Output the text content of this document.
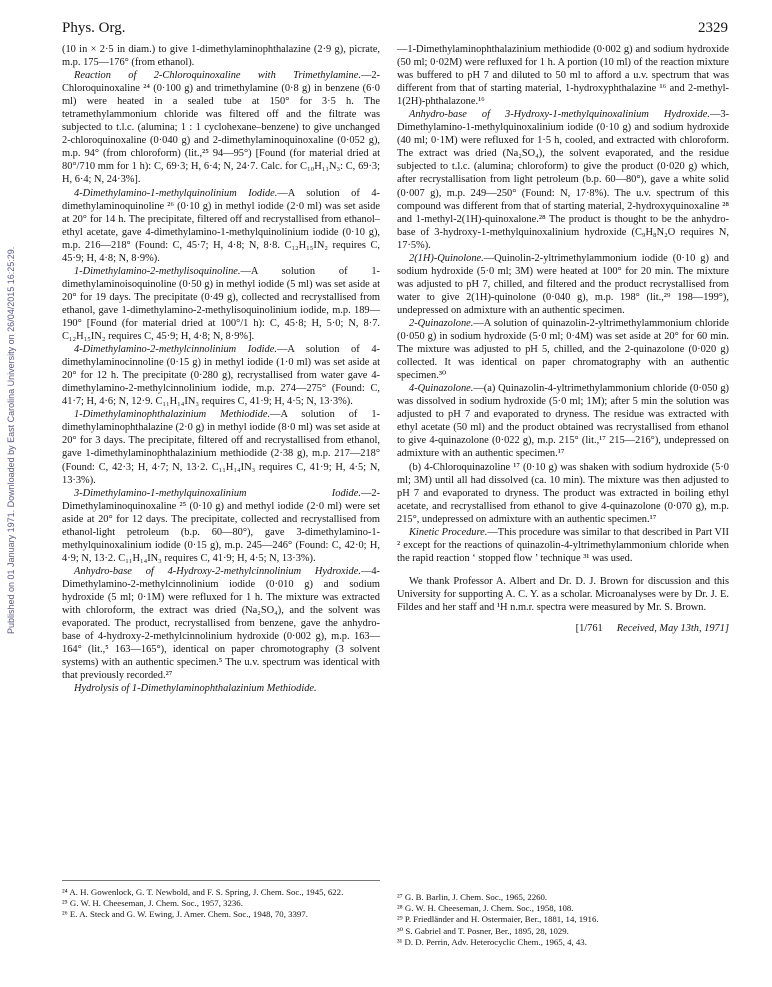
Phys. Org.	2329
Published on 01 January 1971. Downloaded by East Carolina University on 26/04/2015 16:25:29.

(10 in × 2·5 in diam.) to give 1-dimethylaminophthalazine (2·9 g), picrate, m.p. 175—176° (from ethanol).

Reaction of 2-Chloroquinoxaline with Trimethylamine.—2-Chloroquinoxaline ²⁴ (0·100 g) and trimethylamine (0·8 g) in benzene (6·0 ml) were heated in a sealed tube at 150° for 3·5 h. The tetramethylammonium chloride was filtered off and the filtrate was subjected to t.l.c. (alumina; 1 : 1 cyclohexane–benzene) to give unchanged 2-chloroquinoxaline (0·040 g) and 2-dimethylaminoquinoxaline (0·052 g), m.p. 94° (from chloroform) (lit.,²⁵ 94—95°) [Found (for material dried at 80°/710 mm for 1 h): C, 69·3; H, 6·4; N, 24·7. Calc. for C₁₀H₁₁N₃: C, 69·3; H, 6·4; N, 24·3%].

4-Dimethylamino-1-methylquinolinium Iodide.—A solution of 4-dimethylaminoquinoline ²⁶ (0·10 g) in methyl iodide (2·0 ml) was set aside at 20° for 14 h. The precipitate, filtered off and recrystallised from ethanol–ethyl acetate, gave 4-dimethylamino-1-methylquinolinium iodide (0·10 g), m.p. 216—218° (Found: C, 45·7; H, 4·8; N, 8·8. C₁₂H₁₅IN₂ requires C, 45·9; H, 4·8; N, 8·9%).

1-Dimethylamino-2-methylisoquinoline.—A solution of 1-dimethylaminoisoquinoline (0·50 g) in methyl iodide (5 ml) was set aside at 20° for 19 days. The precipitate (0·49 g), collected and recrystallised from ethanol, gave 1-dimethylamino-2-methylisoquinolinium iodide, m.p. 189—190° [Found (for material dried at 100°/1 h): C, 45·8; H, 5·0; N, 8·7. C₁₂H₁₅IN₂ requires C, 45·9; H, 4·8; N, 8·9%].

4-Dimethylamino-2-methylcinnolinium Iodide.—A solution of 4-dimethylaminocinnoline (0·15 g) in methyl iodide (1·0 ml) was set aside at 20° for 12 h. The precipitate (0·280 g), recrystallised from water gave 4-dimethylamino-2-methylcinnolinium iodide, m.p. 274—275° (Found: C, 41·7; H, 4·6; N, 12·9. C₁₁H₁₄IN₃ requires C, 41·9; H, 4·5; N, 13·3%).

1-Dimethylaminophthalazinium Methiodide.—A solution of 1-dimethylaminophthalazine (2·0 g) in methyl iodide (8·0 ml) was set aside at 20° for 3 days. The precipitate, filtered off and recrystallised from ethanol, gave 1-dimethylaminophthalazinium methiodide (2·38 g), m.p. 217—218° (Found: C, 42·3; H, 4·7; N, 13·2. C₁₁H₁₄IN₃ requires C, 41·9; H, 4·5; N, 13·3%).

3-Dimethylamino-1-methylquinoxalinium Iodide.—2-Dimethylaminoquinoxaline ²⁵ (0·10 g) and methyl iodide (2·0 ml) were set aside at 20° for 12 days. The precipitate, collected and recrystallised from ethanol-light petroleum (b.p. 60—80°), gave 3-dimethylamino-1-methylquinoxalinium iodide (0·15 g), m.p. 245—246° (Found: C, 42·0; H, 4·9; N, 13·2. C₁₁H₁₄IN₃ requires C, 41·9; H, 4·5; N, 13·3%).

Anhydro-base of 4-Hydroxy-2-methylcinnolinium Hydroxide.—4-Dimethylamino-2-methylcinnolinium iodide (0·010 g) and sodium hydroxide (5 ml; 0·1M) were refluxed for 1 h. The mixture was extracted with chloroform, the extract was dried (Na₂SO₄), and the solvent was evaporated. The product, recrystallised from benzene, gave the anhydro-base of 4-hydroxy-2-methylcinnolinium hydroxide (0·002 g), m.p. 163—164° (lit.,⁵ 163—165°), identical on paper chromotography (3 solvent systems) with an authentic specimen.⁵ The u.v. spectrum was identical with that previously recorded.²⁷

Hydrolysis of 1-Dimethylaminophthalazinium Methiodide.

²⁴ A. H. Gowenlock, G. T. Newbold, and F. S. Spring, J. Chem. Soc., 1945, 622.
²⁵ G. W. H. Cheeseman, J. Chem. Soc., 1957, 3236.
²⁶ E. A. Steck and G. W. Ewing, J. Amer. Chem. Soc., 1948, 70, 3397.

—1-Dimethylaminophthalazinium methiodide (0·002 g) and sodium hydroxide (50 ml; 0·02M) were refluxed for 1 h. A portion (10 ml) of the reaction mixture was buffered to pH 7 and diluted to 50 ml to afford a u.v. spectrum that was different from that of starting material, 1-hydroxyphthalazine ¹⁶ and 2-methyl-1(2H)-phthalazone.¹⁶

Anhydro-base of 3-Hydroxy-1-methylquinoxalinium Hydroxide.—3-Dimethylamino-1-methylquinoxalinium iodide (0·10 g) and sodium hydroxide (40 ml; 0·1M) were refluxed for 1·5 h, cooled, and extracted with chloroform. The extract was dried (Na₂SO₄), the solvent evaporated, and the residue subjected to t.l.c. (alumina; chloroform) to give the product (0·020 g) which, after recrystallisation from light petroleum (b.p. 60—80°), gave a white solid (0·007 g), m.p. 249—250° (Found: N, 17·8%). The u.v. spectrum of this compound was different from that of starting material, 2-hydroxyquinoxaline ²⁸ and 1-methyl-2(1H)-quinoxalone.²⁸ The product is thought to be the anhydro-base of 3-hydroxy-1-methylquinoxalinium hydroxide (C₉H₈N₂O requires N, 17·5%).

2(1H)-Quinolone.—Quinolin-2-yltrimethylammonium iodide (0·10 g) and sodium hydroxide (5·0 ml; 3M) were heated at 100° for 20 min. The mixture was adjusted to pH 7, chilled, and filtered and the product recrystallised from water to give 2(1H)-quinolone (0·040 g), m.p. 198° (lit.,²⁹ 198—199°), undepressed on admixture with an authentic specimen.

2-Quinazolone.—A solution of quinazolin-2-yltrimethylammonium chloride (0·050 g) in sodium hydroxide (5·0 ml; 0·4M) was set aside at 20° for 60 min. The mixture was adjusted to pH 5, chilled, and the 2-quinazolone (0·020 g) collected. It was identical on paper chromatography with an authentic specimen.³⁰

4-Quinazolone.—(a) Quinazolin-4-yltrimethylammonium chloride (0·050 g) was dissolved in sodium hydroxide (5·0 ml; 1M); after 5 min the solution was adjusted to pH 7 and evaporated to dryness. The residue was extracted with ethyl acetate (50 ml) and the product obtained was recrystallised from ethanol to give 4-quinazolone (0·022 g), m.p. 215° (lit.,¹⁷ 215—216°), undepressed on admixture with an authentic specimen.¹⁷

(b) 4-Chloroquinazoline ¹⁷ (0·10 g) was shaken with sodium hydroxide (5·0 ml; 3M) until all had dissolved (ca. 10 min). The mixture was then adjusted to pH 7 and evaporated to dryness. The product was extracted in boiling ethyl acetate, and recrystallised from ethanol to give 4-quinazolone (0·070 g), m.p. 215°, undepressed on admixture with an authentic specimen.¹⁷

Kinetic Procedure.—This procedure was similar to that described in Part VII ² except for the reactions of quinazolin-4-yltrimethylammonium chloride when the rapid reaction ‘ stopped flow ’ technique ³¹ was used.

We thank Professor A. Albert and Dr. D. J. Brown for discussion and this University for supporting A. C. Y. as a scholar. Microanalyses were by Dr. J. E. Fildes and her staff and ¹H n.m.r. spectra were measured by Mr. S. Brown.

[1/761 Received, May 13th, 1971]
²⁷ G. B. Barlin, J. Chem. Soc., 1965, 2260.
²⁸ G. W. H. Cheeseman, J. Chem. Soc., 1958, 108.
²⁹ P. Friedländer and H. Ostermaier, Ber., 1881, 14, 1916.
³⁰ S. Gabriel and T. Posner, Ber., 1895, 28, 1029.
³¹ D. D. Perrin, Adv. Heterocyclic Chem., 1965, 4, 43.
